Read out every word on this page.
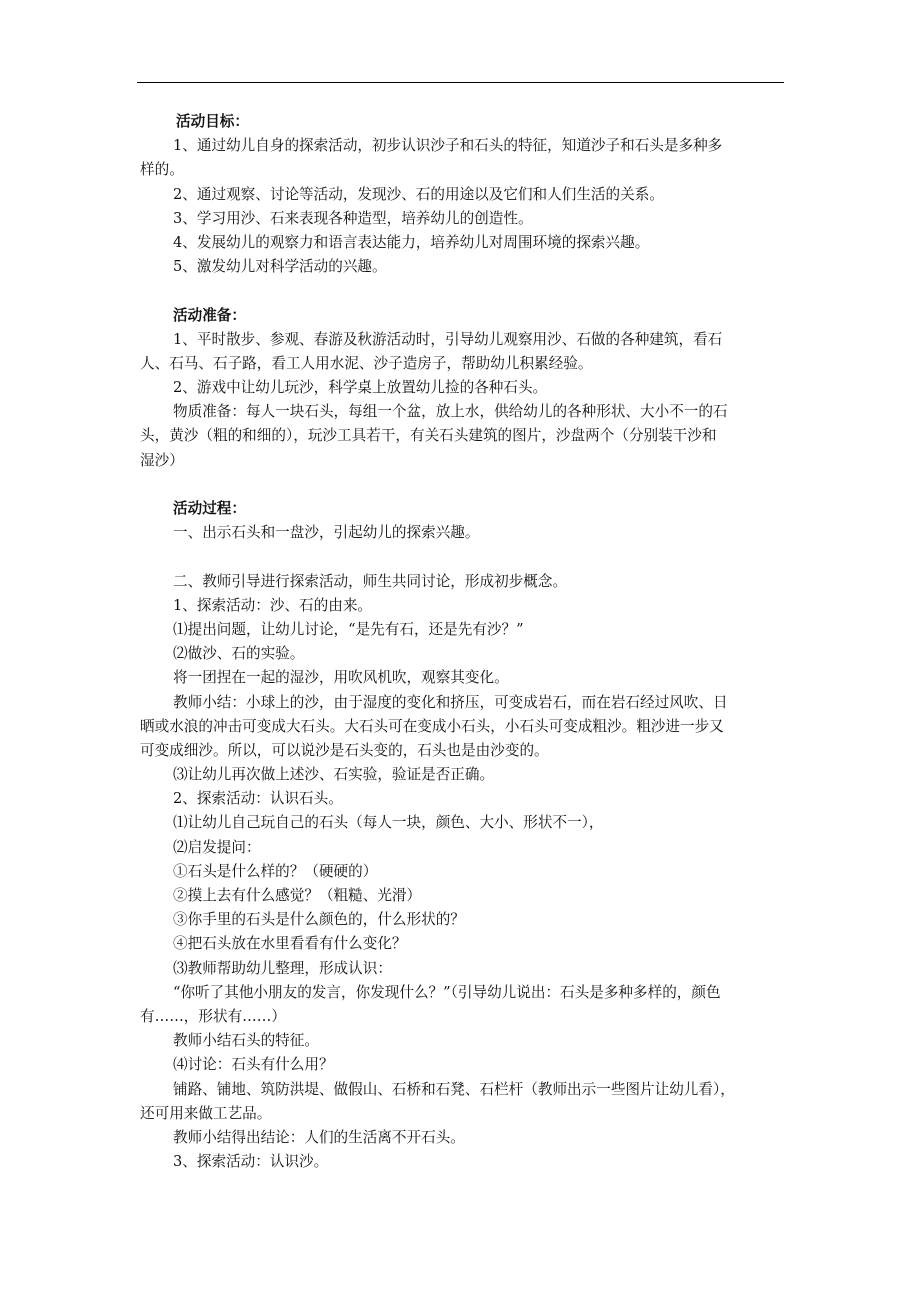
活动目标：
1、通过幼儿自身的探索活动，初步认识沙子和石头的特征，知道沙子和石头是多种多
样的。
2、通过观察、讨论等活动，发现沙、石的用途以及它们和人们生活的关系。
3、学习用沙、石来表现各种造型，培养幼儿的创造性。
4、发展幼儿的观察力和语言表达能力，培养幼儿对周围环境的探索兴趣。
5、激发幼儿对科学活动的兴趣。
活动准备：
1、平时散步、参观、春游及秋游活动时，引导幼儿观察用沙、石做的各种建筑，看石
人、石马、石子路，看工人用水泥、沙子造房子，帮助幼儿积累经验。
2、游戏中让幼儿玩沙，科学桌上放置幼儿捡的各种石头。
物质准备：每人一块石头，每组一个盆，放上水，供给幼儿的各种形状、大小不一的石
头，黄沙（粗的和细的），玩沙工具若干，有关石头建筑的图片，沙盘两个（分别装干沙和
湿沙）
活动过程：
一、出示石头和一盘沙，引起幼儿的探索兴趣。
二、教师引导进行探索活动，师生共同讨论，形成初步概念。
1、探索活动：沙、石的由来。
⑴提出问题，让幼儿讨论，“是先有石，还是先有沙？”
⑵做沙、石的实验。
将一团捏在一起的湿沙，用吹风机吹，观察其变化。
教师小结：小球上的沙，由于湿度的变化和挤压，可变成岩石，而在岩石经过风吹、日
晒或水浪的冲击可变成大石头。大石头可在变成小石头，小石头可变成粗沙。粗沙进一步又
可变成细沙。所以，可以说沙是石头变的，石头也是由沙变的。
⑶让幼儿再次做上述沙、石实验，验证是否正确。
2、探索活动：认识石头。
⑴让幼儿自己玩自己的石头（每人一块，颜色、大小、形状不一），
⑵启发提问：
①石头是什么样的？（硬硬的）
②摸上去有什么感觉？（粗糙、光滑）
③你手里的石头是什么颜色的，什么形状的？
④把石头放在水里看看有什么变化？
⑶教师帮助幼儿整理，形成认识：
“你听了其他小朋友的发言，你发现什么？”（引导幼儿说出：石头是多种多样的，颜色
有……，形状有……）
教师小结石头的特征。
⑷讨论：石头有什么用？
铺路、铺地、筑防洪堤、做假山、石桥和石凳、石栏杆（教师出示一些图片让幼儿看），
还可用来做工艺品。
教师小结得出结论：人们的生活离不开石头。
3、探索活动：认识沙。
